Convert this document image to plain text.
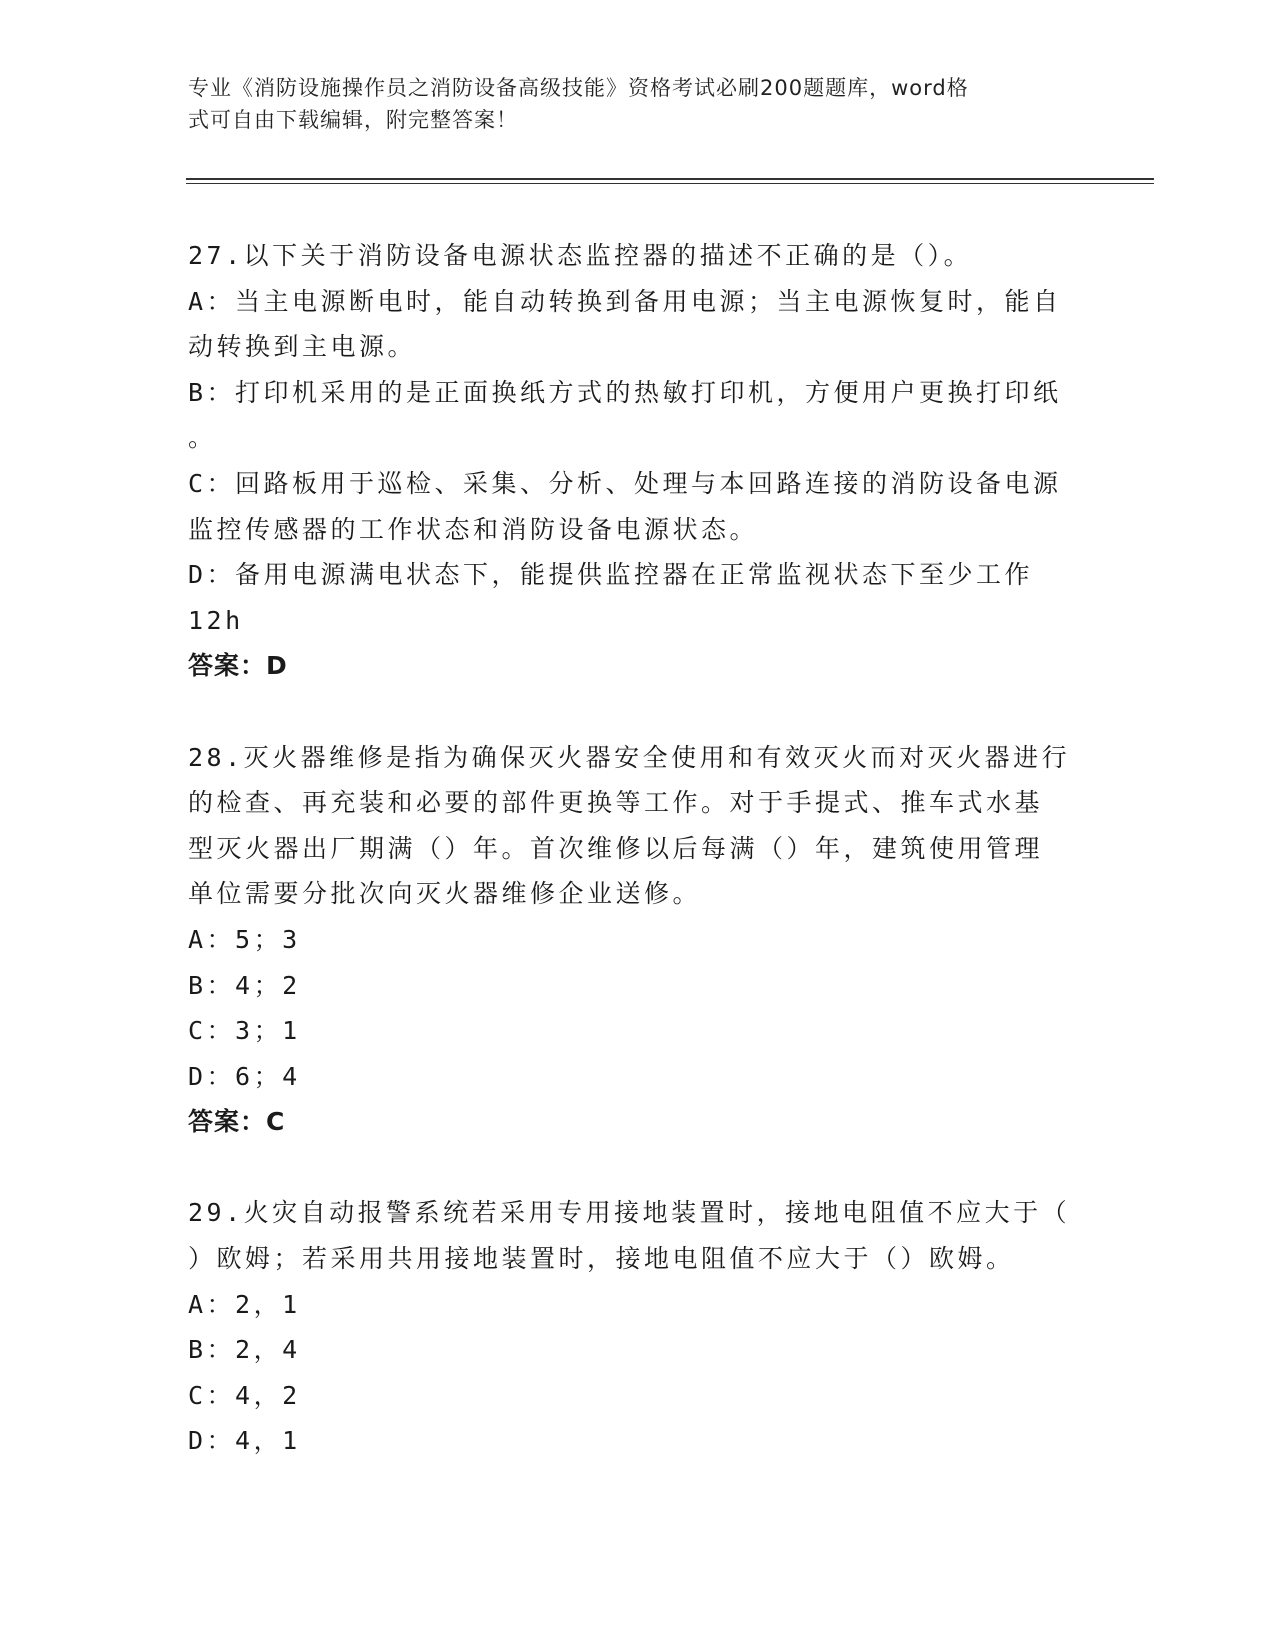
专业《消防设施操作员之消防设备高级技能》资格考试必刷200题题库，word格
式可自由下载编辑，附完整答案！
27.以下关于消防设备电源状态监控器的描述不正确的是（）。
A：当主电源断电时，能自动转换到备用电源；当主电源恢复时，能自
动转换到主电源。
B：打印机采用的是正面换纸方式的热敏打印机，方便用户更换打印纸
。
C：回路板用于巡检、采集、分析、处理与本回路连接的消防设备电源
监控传感器的工作状态和消防设备电源状态。
D：备用电源满电状态下，能提供监控器在正常监视状态下至少工作
12h
答案：D
28.灭火器维修是指为确保灭火器安全使用和有效灭火而对灭火器进行
的检查、再充装和必要的部件更换等工作。对于手提式、推车式水基
型灭火器出厂期满（）年。首次维修以后每满（）年，建筑使用管理
单位需要分批次向灭火器维修企业送修。
A：5；3
B：4；2
C：3；1
D：6；4
答案：C
29.火灾自动报警系统若采用专用接地装置时，接地电阻值不应大于（
）欧姆；若采用共用接地装置时，接地电阻值不应大于（）欧姆。
A：2，1
B：2，4
C：4，2
D：4，1
